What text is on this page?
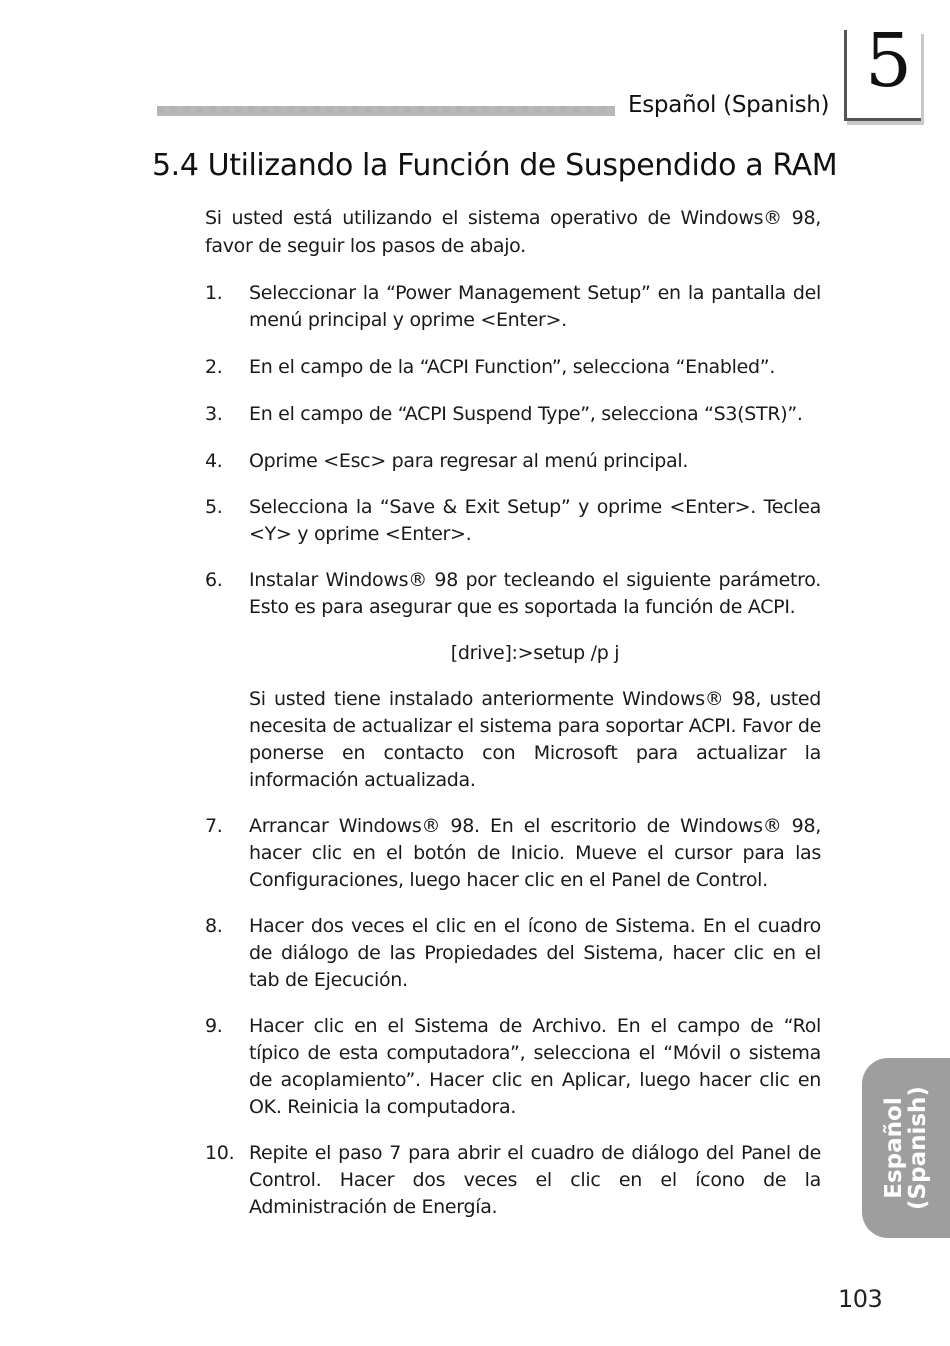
Español (Spanish)
5
5.4 Utilizando la Función de Suspendido a RAM
Si usted está utilizando el sistema operativo de Windows® 98, favor de seguir los pasos de abajo.
1. Seleccionar la “Power Management Setup” en la pantalla del menú principal y oprime <Enter>.
2. En el campo de la “ACPI Function”, selecciona “Enabled”.
3. En el campo de “ACPI Suspend Type”, selecciona “S3(STR)”.
4. Oprime <Esc> para regresar al menú principal.
5. Selecciona la “Save & Exit Setup” y oprime <Enter>. Teclea <Y> y oprime <Enter>.
6. Instalar Windows® 98 por tecleando el siguiente parámetro. Esto es para asegurar que es soportada la función de ACPI.
[drive]:>setup /p j
Si usted tiene instalado anteriormente Windows® 98, usted necesita de actualizar el sistema para soportar ACPI. Favor de ponerse en contacto con Microsoft para actualizar la información actualizada.
7. Arrancar Windows® 98. En el escritorio de Windows® 98, hacer clic en el botón de Inicio. Mueve el cursor para las Configuraciones, luego hacer clic en el Panel de Control.
8. Hacer dos veces el clic en el ícono de Sistema. En el cuadro de diálogo de las Propiedades del Sistema, hacer clic en el tab de Ejecución.
9. Hacer clic en el Sistema de Archivo. En el campo de “Rol típico de esta computadora”, selecciona el “Móvil o sistema de acoplamiento”. Hacer clic en Aplicar, luego hacer clic en OK. Reinicia la computadora.
10. Repite el paso 7 para abrir el cuadro de diálogo del Panel de Control. Hacer dos veces el clic en el ícono de la Administración de Energía.
Español
(Spanish)
103
